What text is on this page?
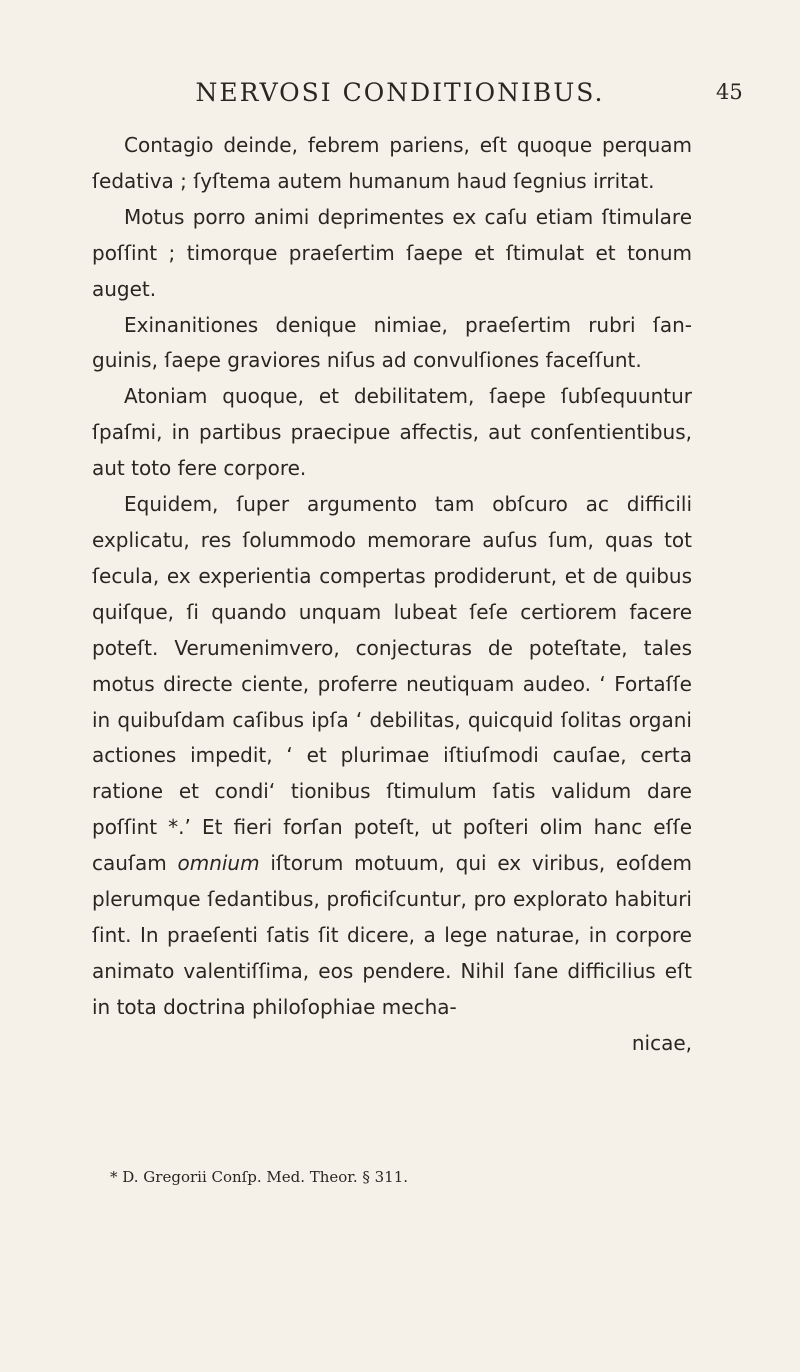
NERVOSI CONDITIONIBUS.	45

Contagio deinde, febrem pariens, eſt quoque perquam ſedativa ; ſyſtema autem humanum haud ſegnius irritat.

Motus porro animi deprimentes ex caſu etiam ſtimulare poſſint ; timorque praeſertim ſaepe et ſtimulat et tonum auget.

Exinanitiones denique nimiae, praeſertim rubri ſanguinis, ſaepe graviores niſus ad convulſiones faceſſunt.

Atoniam quoque, et debilitatem, ſaepe ſubſequuntur ſpaſmi, in partibus praecipue affectis, aut conſentientibus, aut toto fere corpore.

Equidem, ſuper argumento tam obſcuro ac difficili explicatu, res ſolummodo memorare auſus ſum, quas tot ſecula, ex experientia compertas prodiderunt, et de quibus quiſque, ſi quando unquam lubeat ſeſe certiorem facere poteſt. Verumenimvero, conjecturas de poteſtate, tales motus directe ciente, proferre neutiquam audeo. ‘ Fortaſſe in quibuſdam caſibus ipſa ‘ debilitas, quicquid ſolitas organi actiones impedit, ‘ et plurimae iſtiuſmodi cauſae, certa ratione et condi‘ tionibus ſtimulum ſatis validum dare poſſint *.’ Et fieri forſan poteſt, ut poſteri olim hanc eſſe cauſam omnium iſtorum motuum, qui ex viribus, eoſdem plerumque ſedantibus, proficiſcuntur, pro explorato habituri ſint. In praeſenti ſatis ſit dicere, a lege naturae, in corpore animato valentiſſima, eos pendere. Nihil ſane difficilius eſt in tota doctrina philoſophiae mecha-

nicae,

* D. Gregorii Conſp. Med. Theor. § 311.
